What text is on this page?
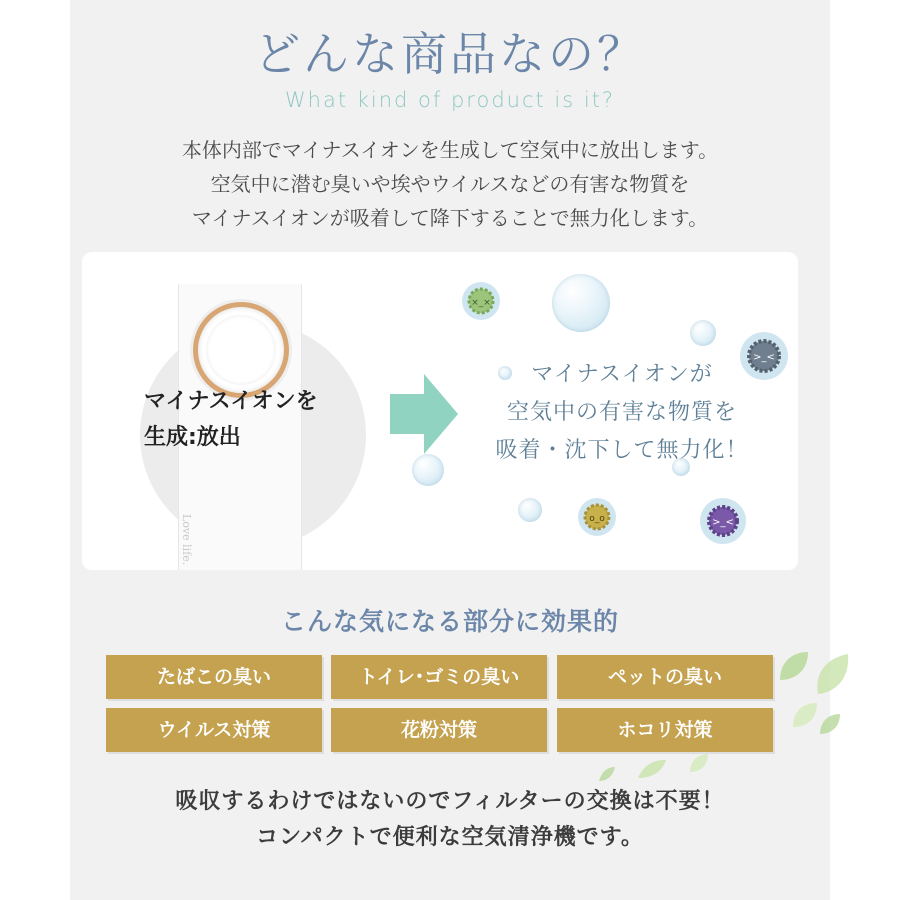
どんな商品なの？
What kind of product is it?
本体内部でマイナスイオンを生成して空気中に放出します。
空気中に潜む臭いや埃やウイルスなどの有害な物質を
マイナスイオンが吸着して降下することで無力化します。
Love life.
マイナスイオンを
生成:放出
×_×
>_<
o_o	>_<
マイナスイオンが
空気中の有害な物質を
吸着・沈下して無力化！
こんな気になる部分に効果的
たばこの臭い	トイレ･ゴミの臭い	ペットの臭い
ウイルス対策	花粉対策	ホコリ対策
吸収するわけではないのでフィルターの交換は不要！
コンパクトで便利な空気清浄機です。
